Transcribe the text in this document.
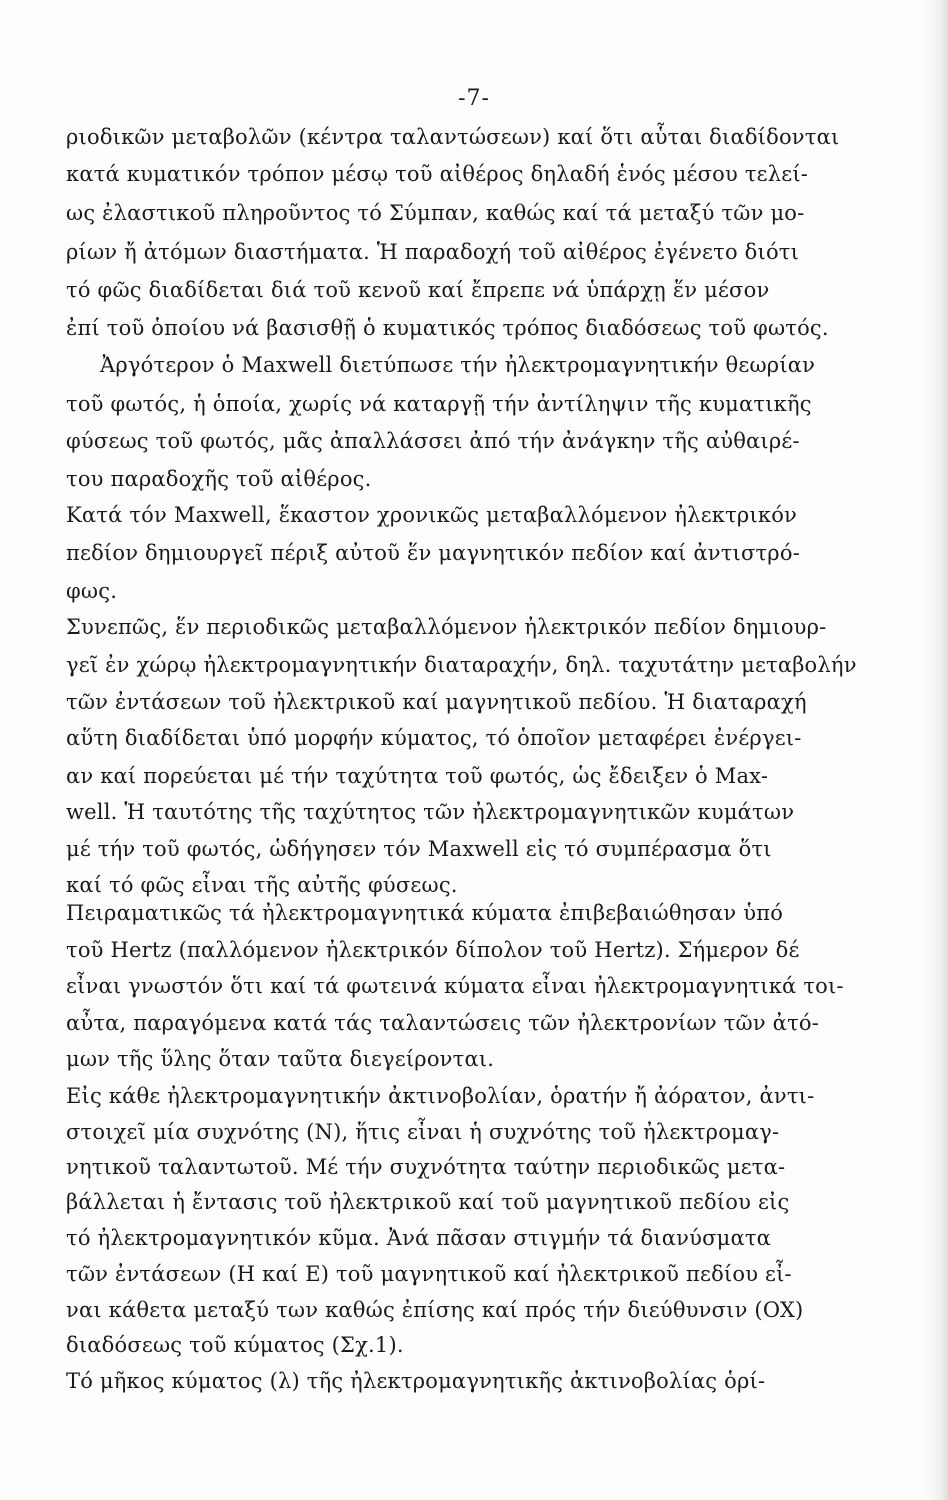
-7-
ριοδικῶν μεταβολῶν (κέντρα ταλαντώσεων) καί ὅτι αὗται διαδίδονται
κατά κυματικόν τρόπον μέσῳ τοῦ αἰθέρος δηλαδή ἑνός μέσου τελεί-
ως ἐλαστικοῦ πληροῦντος τό Σύμπαν, καθώς καί τά μεταξύ τῶν μο-
ρίων ἤ ἀτόμων διαστήματα. Ἡ παραδοχή τοῦ αἰθέρος ἐγένετο διότι
τό φῶς διαδίδεται διά τοῦ κενοῦ καί ἔπρεπε νά ὑπάρχῃ ἕν μέσον
ἐπί τοῦ ὁποίου νά βασισθῇ ὁ κυματικός τρόπος διαδόσεως τοῦ φωτός.
Ἀργότερον ὁ Maxwell διετύπωσε τήν ἠλεκτρομαγνητικήν θεωρίαν
τοῦ φωτός, ἡ ὁποία, χωρίς νά καταργῇ τήν ἀντίληψιν τῆς κυματικῆς
φύσεως τοῦ φωτός, μᾶς ἀπαλλάσσει ἀπό τήν ἀνάγκην τῆς αὐθαιρέ-
του παραδοχῆς τοῦ αἰθέρος.
Κατά τόν Maxwell, ἕκαστον χρονικῶς μεταβαλλόμενον ἠλεκτρικόν
πεδίον δημιουργεῖ πέριξ αὐτοῦ ἕν μαγνητικόν πεδίον καί ἀντιστρό-
φως.
Συνεπῶς, ἕν περιοδικῶς μεταβαλλόμενον ἠλεκτρικόν πεδίον δημιουρ-
γεῖ ἐν χώρῳ ἠλεκτρομαγνητικήν διαταραχήν, δηλ. ταχυτάτην μεταβολήν
τῶν ἐντάσεων τοῦ ἠλεκτρικοῦ καί μαγνητικοῦ πεδίου. Ἡ διαταραχή
αὕτη διαδίδεται ὑπό μορφήν κύματος, τό ὁποῖον μεταφέρει ἐνέργει-
αν καί πορεύεται μέ τήν ταχύτητα τοῦ φωτός, ὡς ἔδειξεν ὁ Max-
well. Ἡ ταυτότης τῆς ταχύτητος τῶν ἠλεκτρομαγνητικῶν κυμάτων
μέ τήν τοῦ φωτός, ὡδήγησεν τόν Maxwell εἰς τό συμπέρασμα ὅτι
καί τό φῶς εἶναι τῆς αὐτῆς φύσεως.
Πειραματικῶς τά ἠλεκτρομαγνητικά κύματα ἐπιβεβαιώθησαν ὑπό
τοῦ Hertz (παλλόμενον ἠλεκτρικόν δίπολον τοῦ Hertz). Σήμερον δέ
εἶναι γνωστόν ὅτι καί τά φωτεινά κύματα εἶναι ἠλεκτρομαγνητικά τοι-
αὖτα, παραγόμενα κατά τάς ταλαντώσεις τῶν ἠλεκτρονίων τῶν ἀτό-
μων τῆς ὕλης ὅταν ταῦτα διεγείρονται.
Εἰς κάθε ἠλεκτρομαγνητικήν ἀκτινοβολίαν, ὁρατήν ἤ ἀόρατον, ἀντι-
στοιχεῖ μία συχνότης (N), ἥτις εἶναι ἡ συχνότης τοῦ ἠλεκτρομαγ-
νητικοῦ ταλαντωτοῦ. Μέ τήν συχνότητα ταύτην περιοδικῶς μετα-
βάλλεται ἡ ἔντασις τοῦ ἠλεκτρικοῦ καί τοῦ μαγνητικοῦ πεδίου εἰς
τό ἠλεκτρομαγνητικόν κῦμα. Ἀνά πᾶσαν στιγμήν τά διανύσματα
τῶν ἐντάσεων (H καί E) τοῦ μαγνητικοῦ καί ἠλεκτρικοῦ πεδίου εἶ-
ναι κάθετα μεταξύ των καθώς ἐπίσης καί πρός τήν διεύθυνσιν (OX)
διαδόσεως τοῦ κύματος (Σχ.1).
Τό μῆκος κύματος (λ) τῆς ἠλεκτρομαγνητικῆς ἀκτινοβολίας ὁρί-
